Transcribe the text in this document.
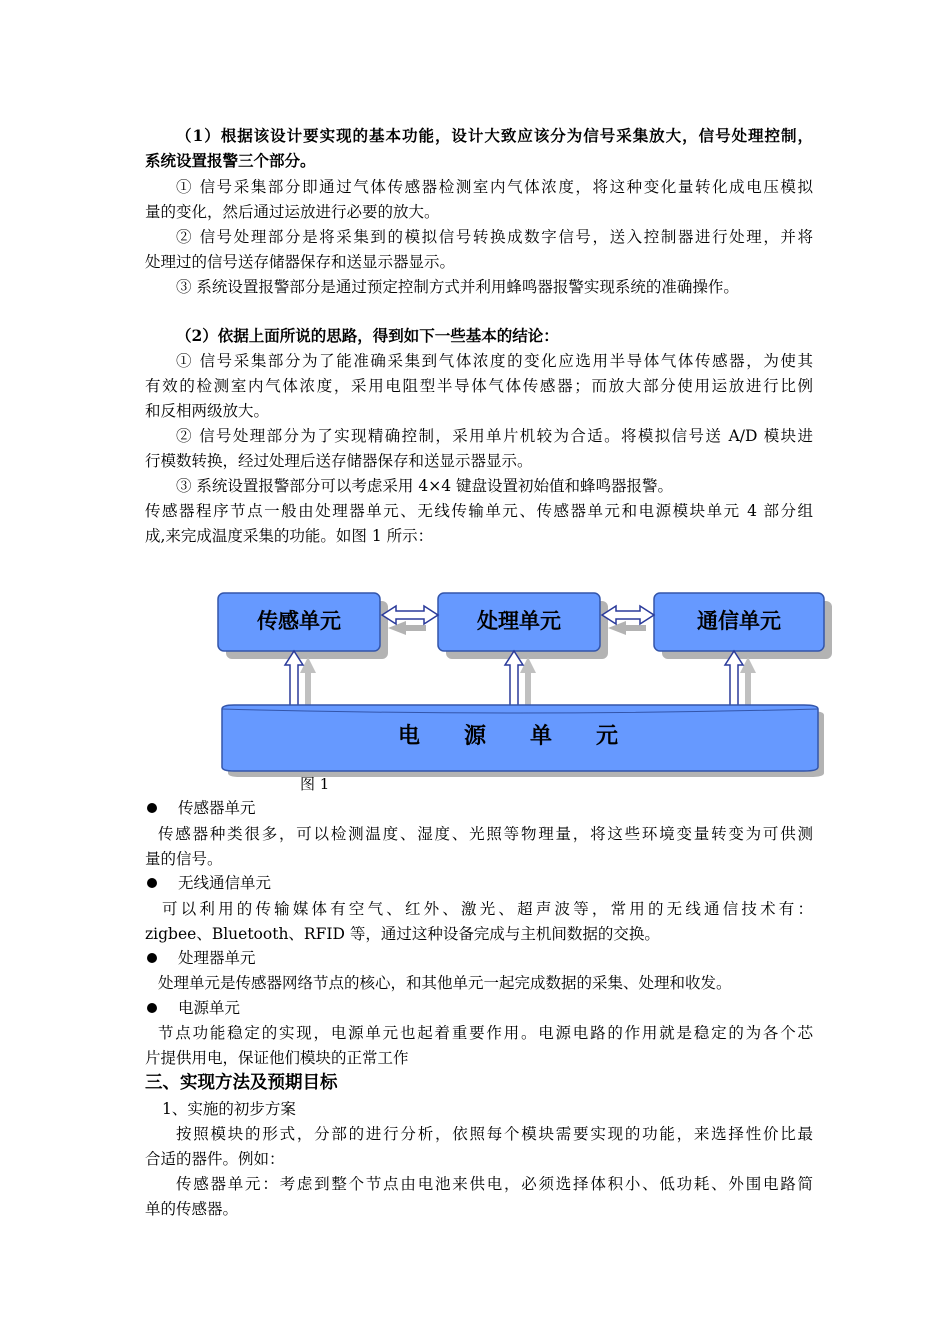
（1）根据该设计要实现的基本功能，设计大致应该分为信号采集放大，信号处理控制，
系统设置报警三个部分。
① 信号采集部分即通过气体传感器检测室内气体浓度，将这种变化量转化成电压模拟
量的变化，然后通过运放进行必要的放大。
② 信号处理部分是将采集到的模拟信号转换成数字信号，送入控制器进行处理，并将
处理过的信号送存储器保存和送显示器显示。
③ 系统设置报警部分是通过预定控制方式并利用蜂鸣器报警实现系统的准确操作。
（2）依据上面所说的思路，得到如下一些基本的结论：
① 信号采集部分为了能准确采集到气体浓度的变化应选用半导体气体传感器，为使其
有效的检测室内气体浓度，采用电阻型半导体气体传感器；而放大部分使用运放进行比例
和反相两级放大。
② 信号处理部分为了实现精确控制，采用单片机较为合适。将模拟信号送 A/D 模块进
行模数转换，经过处理后送存储器保存和送显示器显示。
③ 系统设置报警部分可以考虑采用 4×4 键盘设置初始值和蜂鸣器报警。
传感器程序节点一般由处理器单元、无线传输单元、传感器单元和电源模块单元 4 部分组
成,来完成温度采集的功能。如图 1 所示：
传感单元	处理单元	通信单元
电　　源　　单　　元
图 1
传感器单元
传感器种类很多，可以检测温度、湿度、光照等物理量，将这些环境变量转变为可供测
量的信号。
无线通信单元
可以利用的传输媒体有空气、红外、激光、超声波等，常用的无线通信技术有：
zigbee、Bluetooth、RFID 等，通过这种设备完成与主机间数据的交换。
处理器单元
处理单元是传感器网络节点的核心，和其他单元一起完成数据的采集、处理和收发。
电源单元
节点功能稳定的实现，电源单元也起着重要作用。电源电路的作用就是稳定的为各个芯
片提供用电，保证他们模块的正常工作
三、实现方法及预期目标
1、实施的初步方案
按照模块的形式，分部的进行分析，依照每个模块需要实现的功能，来选择性价比最
合适的器件。例如：
传感器单元：考虑到整个节点由电池来供电，必须选择体积小、低功耗、外围电路简
单的传感器。
